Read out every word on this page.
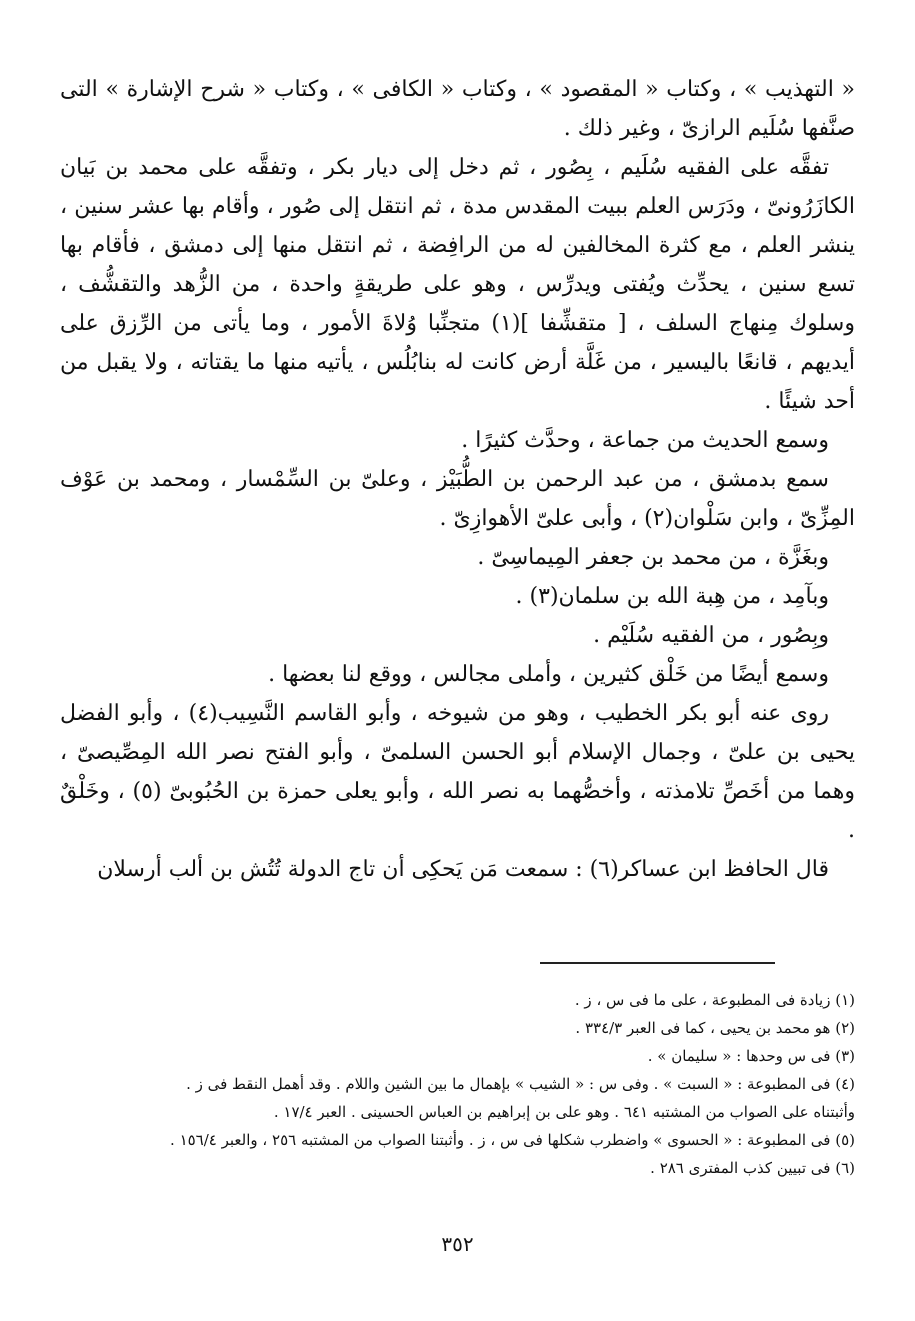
« التهذيب » ، وكتاب « المقصود » ، وكتاب « الكافى » ، وكتاب « شرح الإشارة » التى صنَّفها سُلَيم الرازىّ ، وغير ذلك .

تفقَّه على الفقيه سُلَيم ، بِصُور ، ثم دخل إلى ديار بكر ، وتفقَّه على محمد بن بَيان الكازَرُونىّ ، ودَرَس العلم ببيت المقدس مدة ، ثم انتقل إلى صُور ، وأقام بها عشر سنين ، ينشر العلم ، مع كثرة المخالفين له من الرافِضة ، ثم انتقل منها إلى دمشق ، فأقام بها تسع سنين ، يحدِّث ويُفتى ويدرِّس ، وهو على طريقةٍ واحدة ، من الزُّهد والتقشُّف ، وسلوك مِنهاج السلف ، [ متقشِّفا ](١) متجنِّبا وُلاةَ الأمور ، وما يأتى من الرِّزق على أيديهم ، قانعًا باليسير ، من غَلَّة أرض كانت له بنابُلُس ، يأتيه منها ما يقتاته ، ولا يقبل من أحد شيئًا .

وسمع الحديث من جماعة ، وحدَّث كثيرًا .

سمع بدمشق ، من عبد الرحمن بن الطُّبَيْز ، وعلىّ بن السِّمْسار ، ومحمد بن عَوْف المِزِّىّ ، وابن سَلْوان(٢) ، وأبى علىّ الأهوازِىّ .

وبغَزَّة ، من محمد بن جعفر المِيماسِىّ .

وبآمِد ، من هِبة الله بن سلمان(٣) .

وبِصُور ، من الفقيه سُلَيْم .

وسمع أيضًا من خَلْق كثيرين ، وأملى مجالس ، ووقع لنا بعضها .

روى عنه أبو بكر الخطيب ، وهو من شيوخه ، وأبو القاسم النَّسِيب(٤) ، وأبو الفضل يحيى بن علىّ ، وجمال الإسلام أبو الحسن السلمىّ ، وأبو الفتح نصر الله المِصِّيصىّ ، وهما من أخَصِّ تلامذته ، وأخصُّهما به نصر الله ، وأبو يعلى حمزة بن الحُبُوبىّ (٥) ، وخَلْقٌ .

قال الحافظ ابن عساكر(٦) : سمعت مَن يَحكِى أن تاج الدولة تُتُش بن ألب أرسلان

(١) زيادة فى المطبوعة ، على ما فى س ، ز .

(٢) هو محمد بن يحيى ، كما فى العبر ٣٣٤/٣ .

(٣) فى س وحدها : « سليمان » .

(٤) فى المطبوعة : « السبت » . وفى س : « الشيب » بإهمال ما بين الشين واللام . وقد أهمل النقط فى ز .

وأثبتناه على الصواب من المشتبه ٦٤١ . وهو على بن إبراهيم بن العباس الحسينى . العبر ١٧/٤ .

(٥) فى المطبوعة : « الحسوى » واضطرب شكلها فى س ، ز . وأثبتنا الصواب من المشتبه ٢٥٦ ، والعبر ١٥٦/٤ .

(٦) فى تبيين كذب المفترى ٢٨٦ .

٣٥٢
